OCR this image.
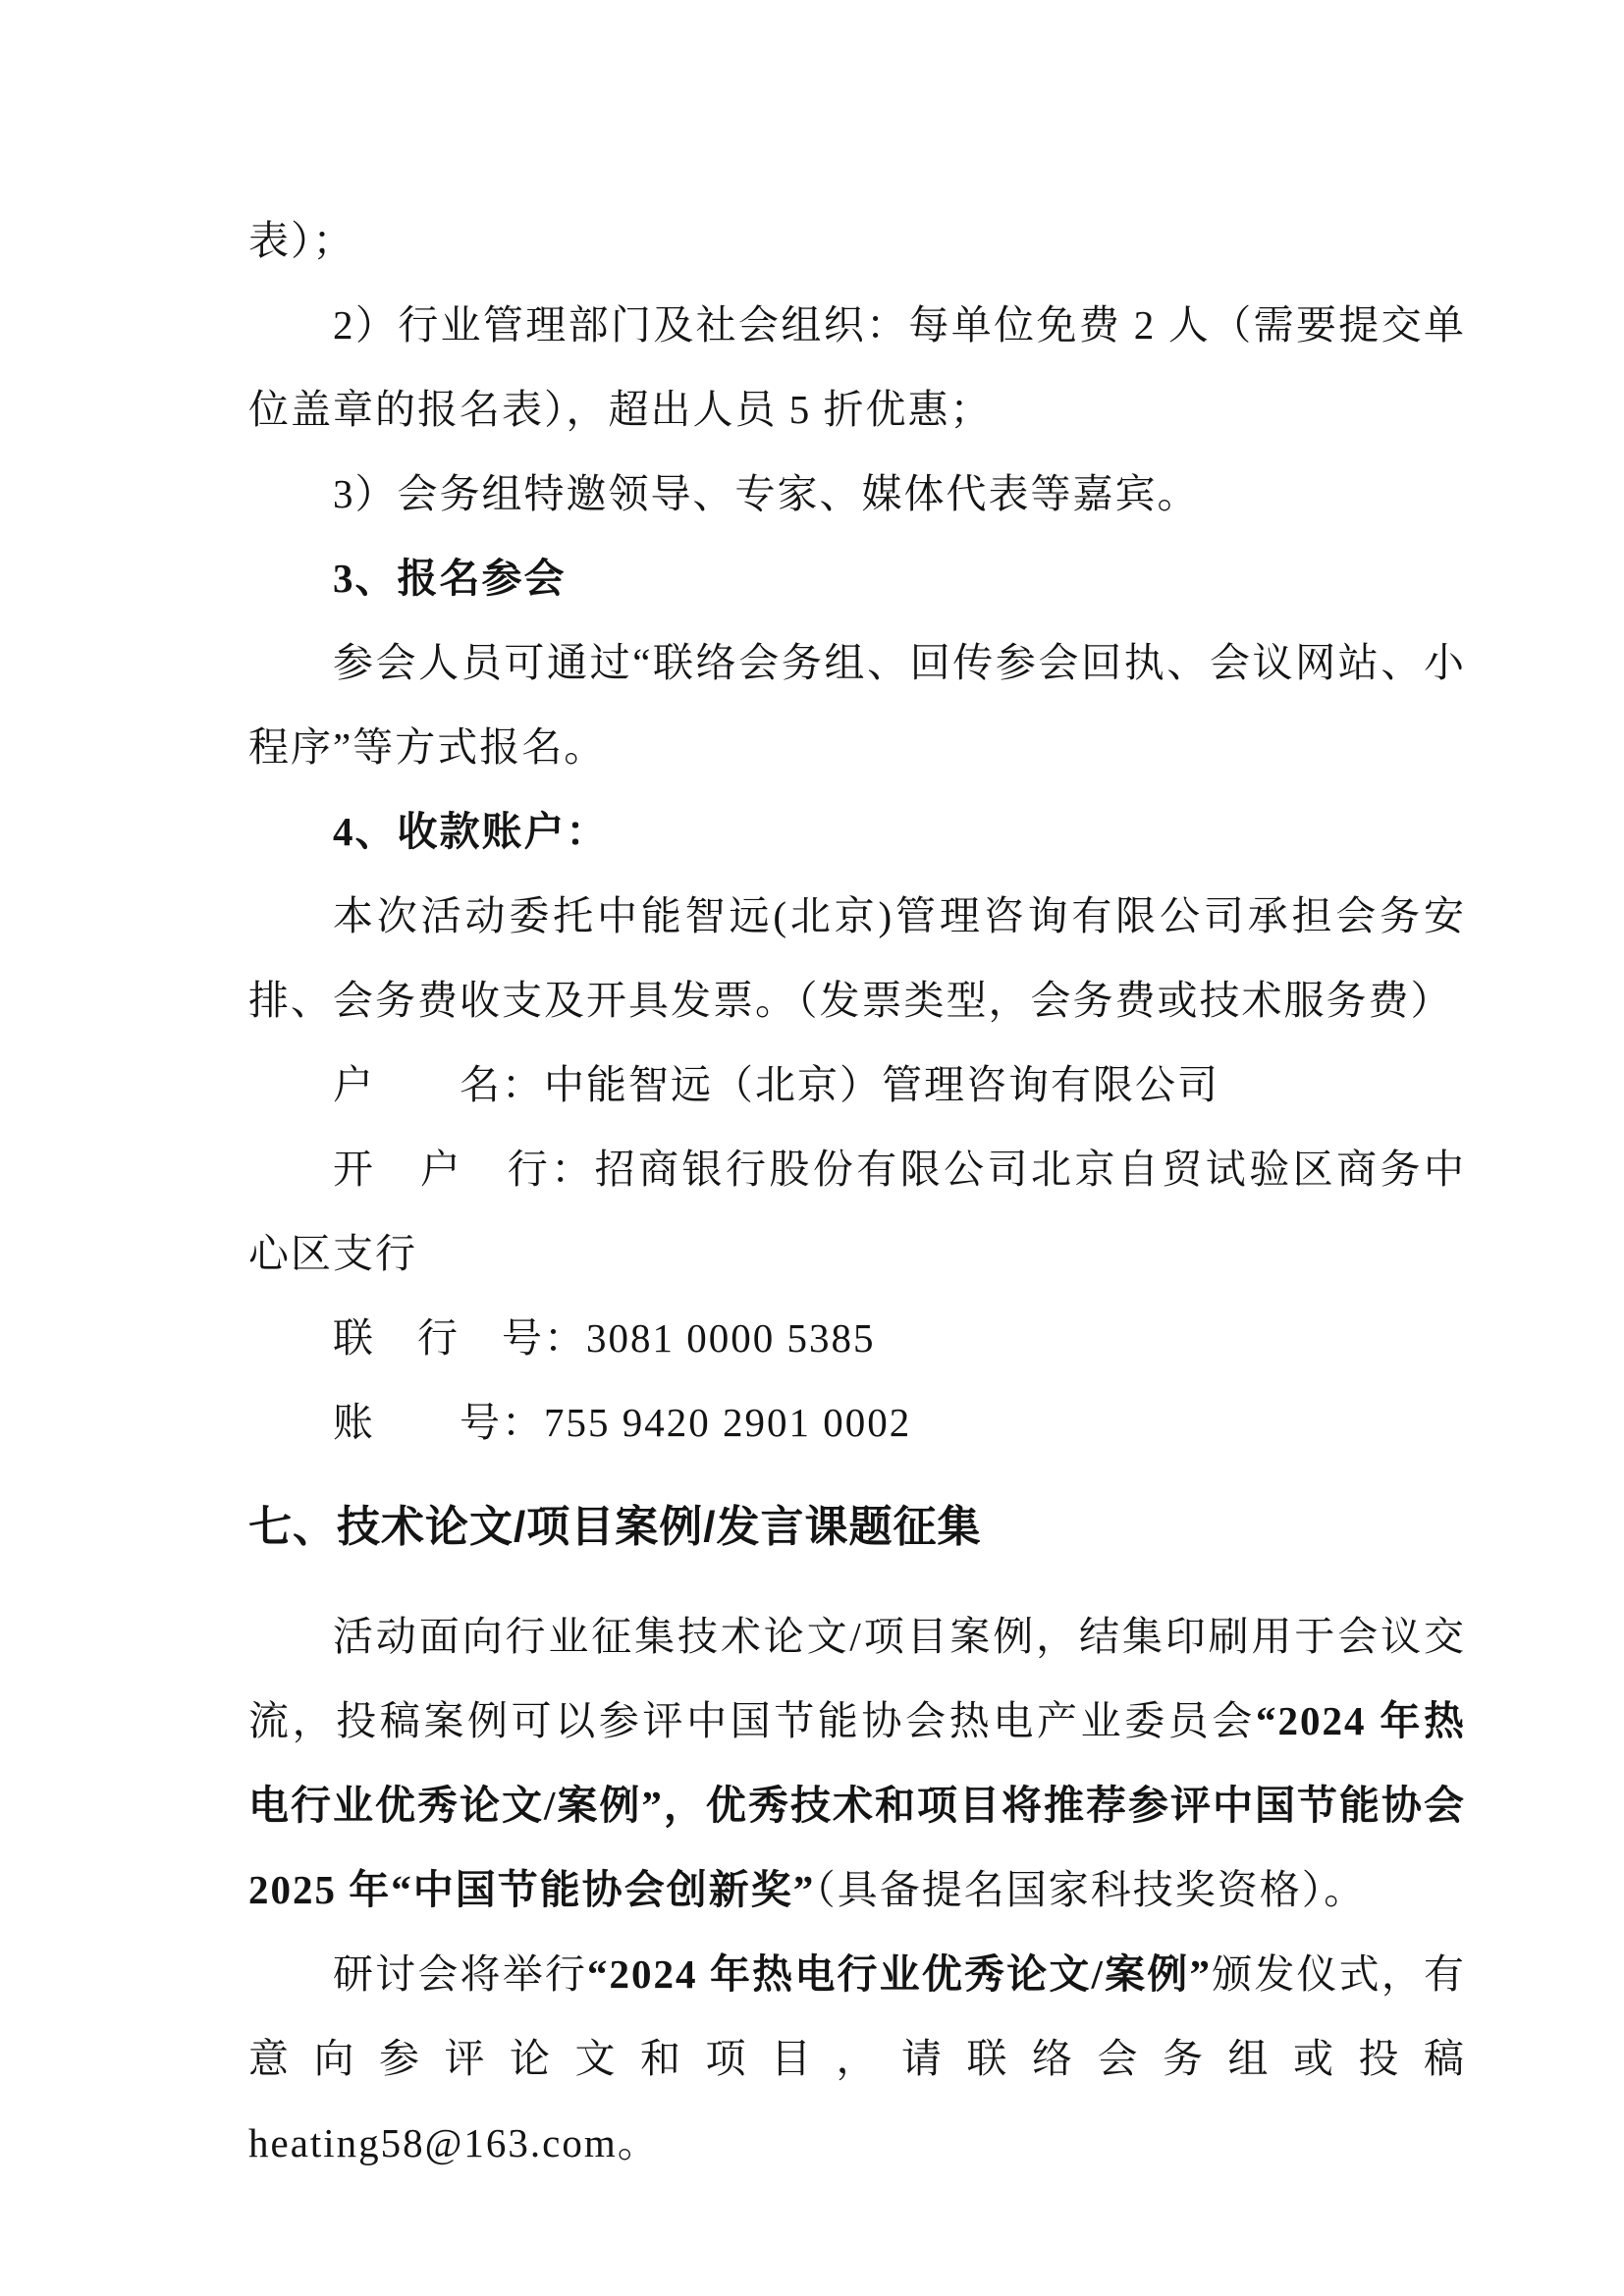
表）；

2）行业管理部门及社会组织：每单位免费 2 人（需要提交单位盖章的报名表），超出人员 5 折优惠；

3）会务组特邀领导、专家、媒体代表等嘉宾。

3、报名参会

参会人员可通过“联络会务组、回传参会回执、会议网站、小程序”等方式报名。

4、收款账户：

本次活动委托中能智远(北京)管理咨询有限公司承担会务安排、会务费收支及开具发票。（发票类型，会务费或技术服务费）

户　　名：中能智远（北京）管理咨询有限公司

开　户　行：招商银行股份有限公司北京自贸试验区商务中心区支行

联　行　号：3081 0000 5385

账　　号：755 9420 2901 0002

七、技术论文/项目案例/发言课题征集

活动面向行业征集技术论文/项目案例，结集印刷用于会议交流，投稿案例可以参评中国节能协会热电产业委员会“2024 年热电行业优秀论文/案例”，优秀技术和项目将推荐参评中国节能协会 2025 年“中国节能协会创新奖”（具备提名国家科技奖资格）。

研讨会将举行“2024 年热电行业优秀论文/案例”颁发仪式，有意向参评论文和项目，请联络会务组或投稿 heating58@163.com。
